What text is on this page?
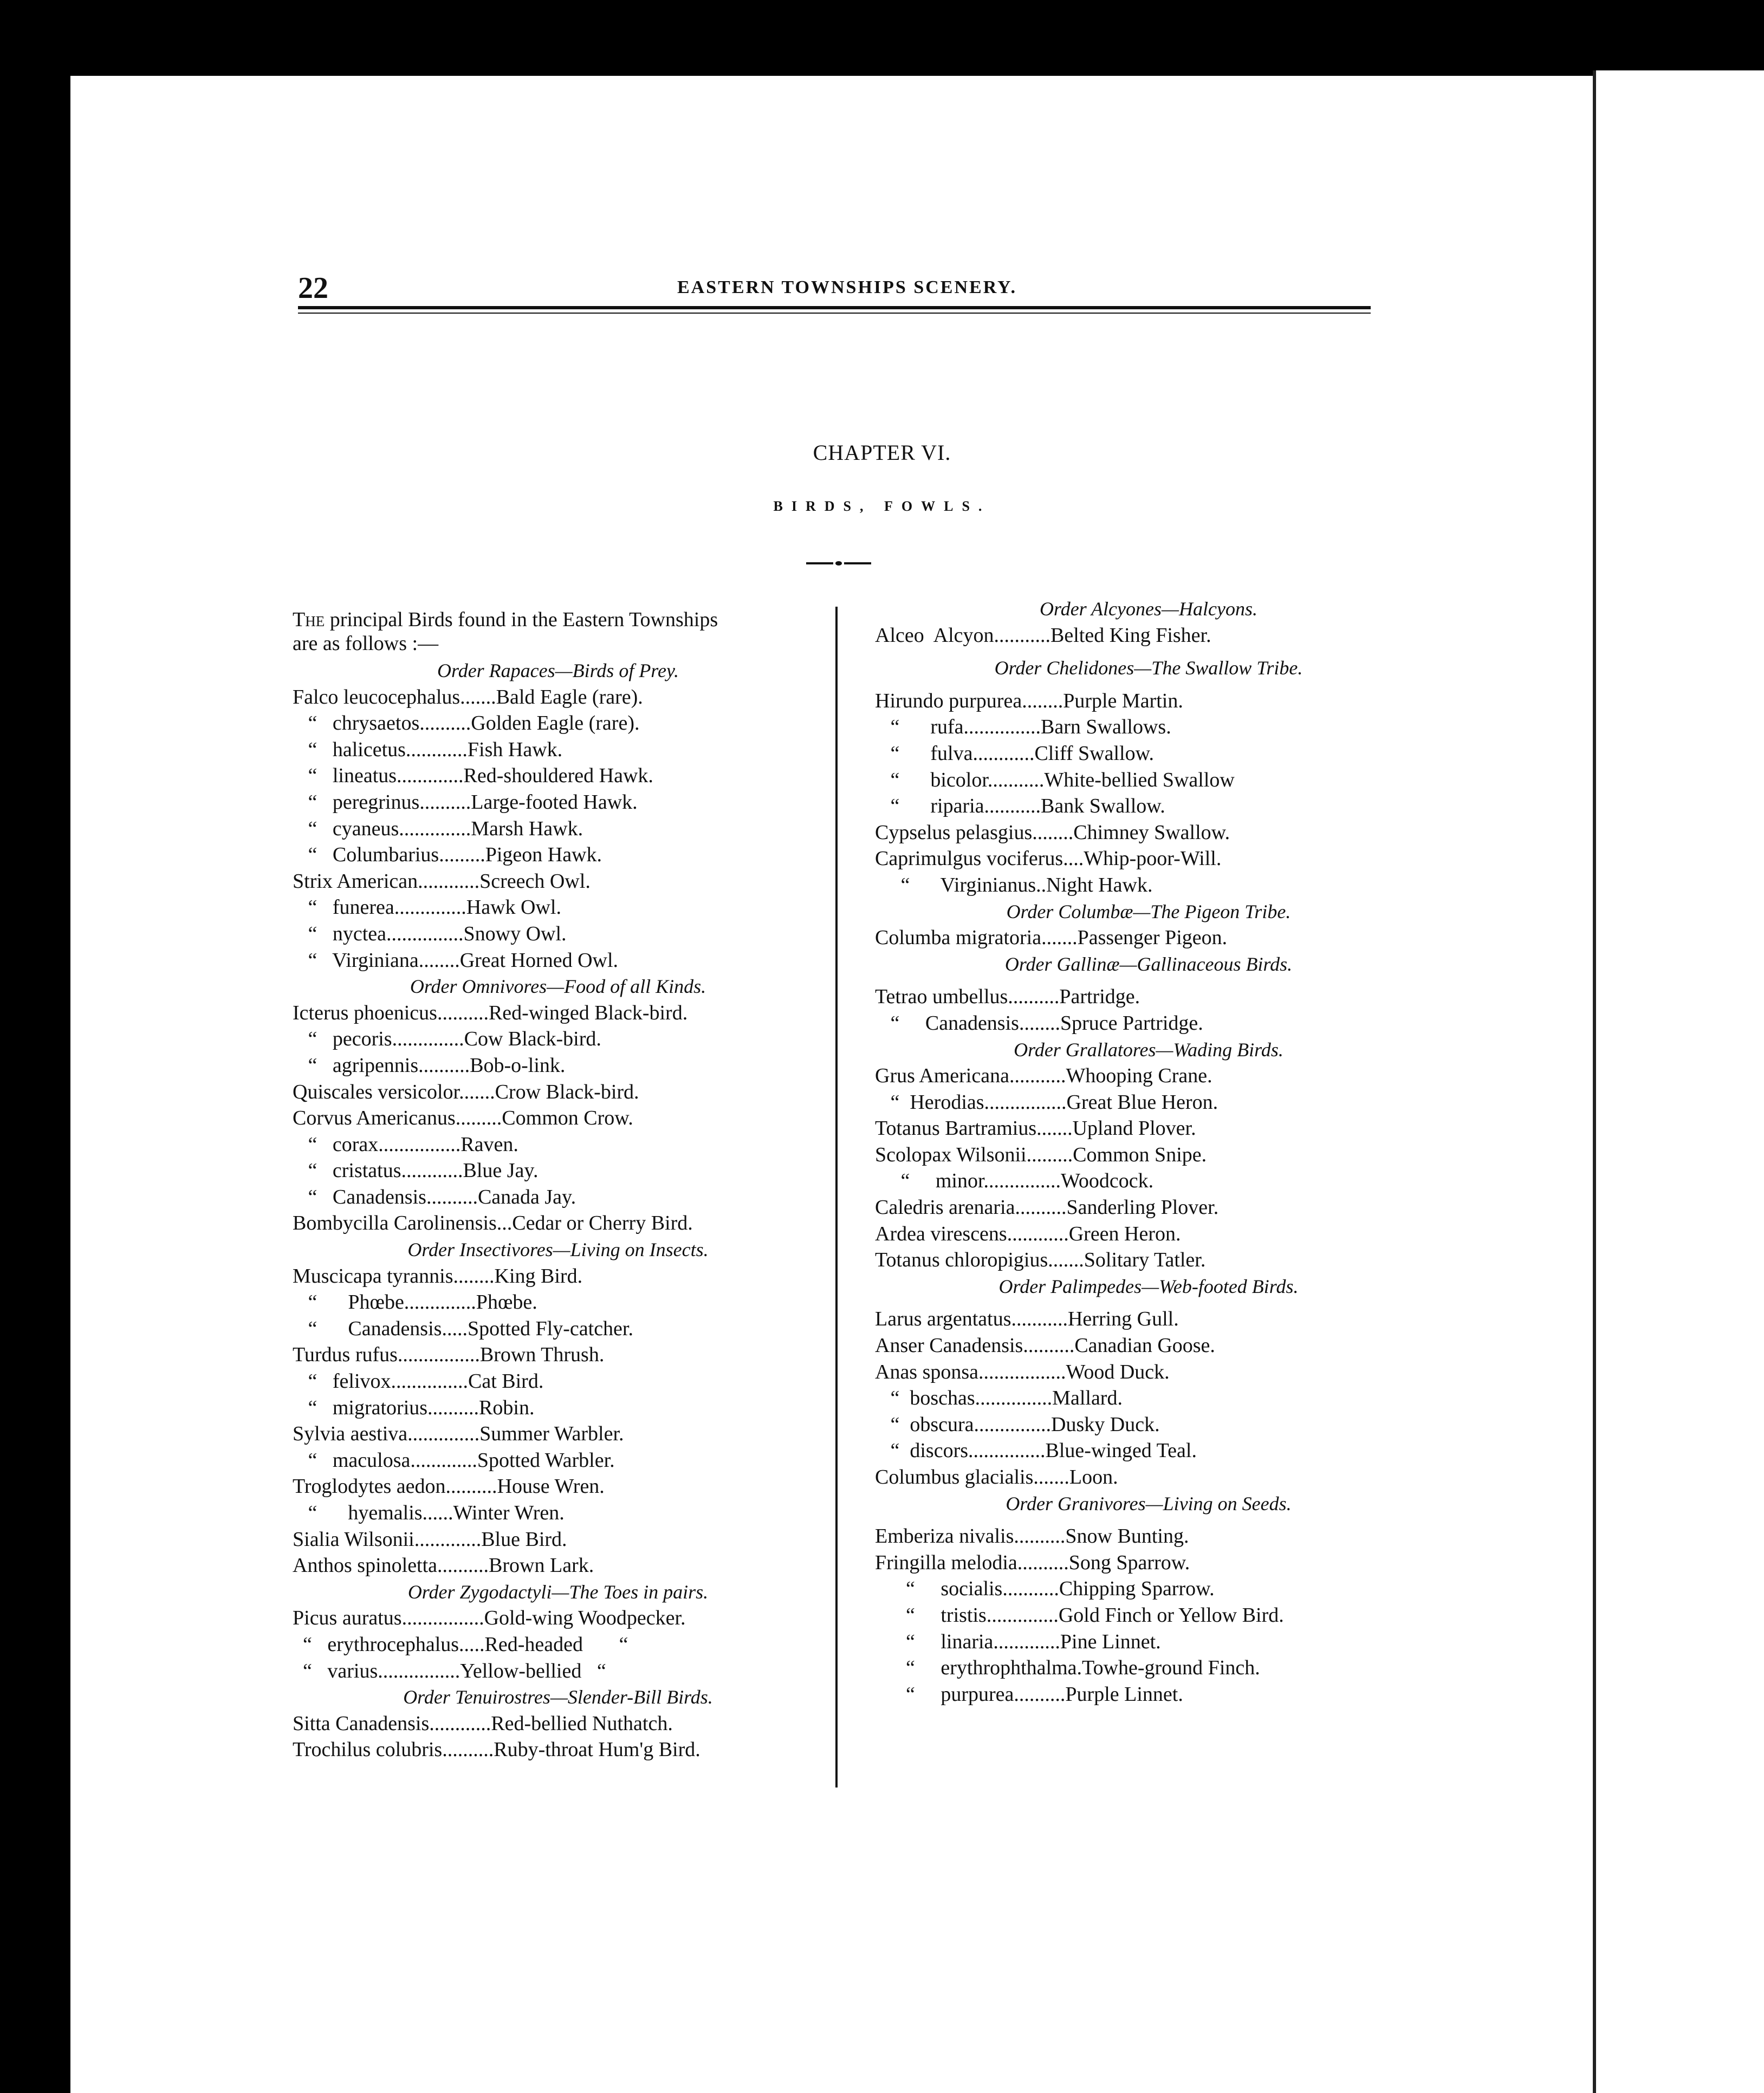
22	EASTERN TOWNSHIPS SCENERY.
CHAPTER VI.
BIRDS, FOWLS.
The principal Birds found in the Eastern Townships
are as follows :—
Order Rapaces—Birds of Prey.
Falco leucocephalus.......Bald Eagle (rare).
“   chrysaetos..........Golden Eagle (rare).
“   halicetus............Fish Hawk.
“   lineatus.............Red-shouldered Hawk.
“   peregrinus..........Large-footed Hawk.
“   cyaneus..............Marsh Hawk.
“   Columbarius.........Pigeon Hawk.
Strix American............Screech Owl.
“   funerea..............Hawk Owl.
“   nyctea...............Snowy Owl.
“   Virginiana........Great Horned Owl.
Order Omnivores—Food of all Kinds.
Icterus phoenicus..........Red-winged Black-bird.
“   pecoris..............Cow Black-bird.
“   agripennis..........Bob-o-link.
Quiscales versicolor.......Crow Black-bird.
Corvus Americanus.........Common Crow.
“   corax................Raven.
“   cristatus............Blue Jay.
“   Canadensis..........Canada Jay.
Bombycilla Carolinensis...Cedar or Cherry Bird.
Order Insectivores—Living on Insects.
Muscicapa tyrannis........King Bird.
“      Phœbe..............Phœbe.
“      Canadensis.....Spotted Fly-catcher.
Turdus rufus................Brown Thrush.
“   felivox...............Cat Bird.
“   migratorius..........Robin.
Sylvia aestiva..............Summer Warbler.
“   maculosa.............Spotted Warbler.
Troglodytes aedon..........House Wren.
“      hyemalis......Winter Wren.
Sialia Wilsonii.............Blue Bird.
Anthos spinoletta..........Brown Lark.
Order Zygodactyli—The Toes in pairs.
Picus auratus................Gold-wing Woodpecker.
“   erythrocephalus.....Red-headed       “
“   varius................Yellow-bellied   “
Order Tenuirostres—Slender-Bill Birds.
Sitta Canadensis............Red-bellied Nuthatch.
Trochilus colubris..........Ruby-throat Hum'g Bird.
Order Alcyones—Halcyons.
Alceo  Alcyon...........Belted King Fisher.
Order Chelidones—The Swallow Tribe.
Hirundo purpurea........Purple Martin.
“      rufa...............Barn Swallows.
“      fulva............Cliff Swallow.
“      bicolor...........White-bellied Swallow
“      riparia...........Bank Swallow.
Cypselus pelasgius........Chimney Swallow.
Caprimulgus vociferus....Whip-poor-Will.
“      Virginianus..Night Hawk.
Order Columbæ—The Pigeon Tribe.
Columba migratoria.......Passenger Pigeon.
Order Gallinæ—Gallinaceous Birds.
Tetrao umbellus..........Partridge.
“     Canadensis........Spruce Partridge.
Order Grallatores—Wading Birds.
Grus Americana...........Whooping Crane.
“  Herodias................Great Blue Heron.
Totanus Bartramius.......Upland Plover.
Scolopax Wilsonii.........Common Snipe.
“     minor...............Woodcock.
Caledris arenaria..........Sanderling Plover.
Ardea virescens............Green Heron.
Totanus chloropigius.......Solitary Tatler.
Order Palimpedes—Web-footed Birds.
Larus argentatus...........Herring Gull.
Anser Canadensis..........Canadian Goose.
Anas sponsa.................Wood Duck.
“  boschas...............Mallard.
“  obscura...............Dusky Duck.
“  discors...............Blue-winged Teal.
Columbus glacialis.......Loon.
Order Granivores—Living on Seeds.
Emberiza nivalis..........Snow Bunting.
Fringilla melodia..........Song Sparrow.
“     socialis...........Chipping Sparrow.
“     tristis..............Gold Finch or Yellow Bird.
“     linaria.............Pine Linnet.
“     erythrophthalma.Towhe-ground Finch.
“     purpurea..........Purple Linnet.
